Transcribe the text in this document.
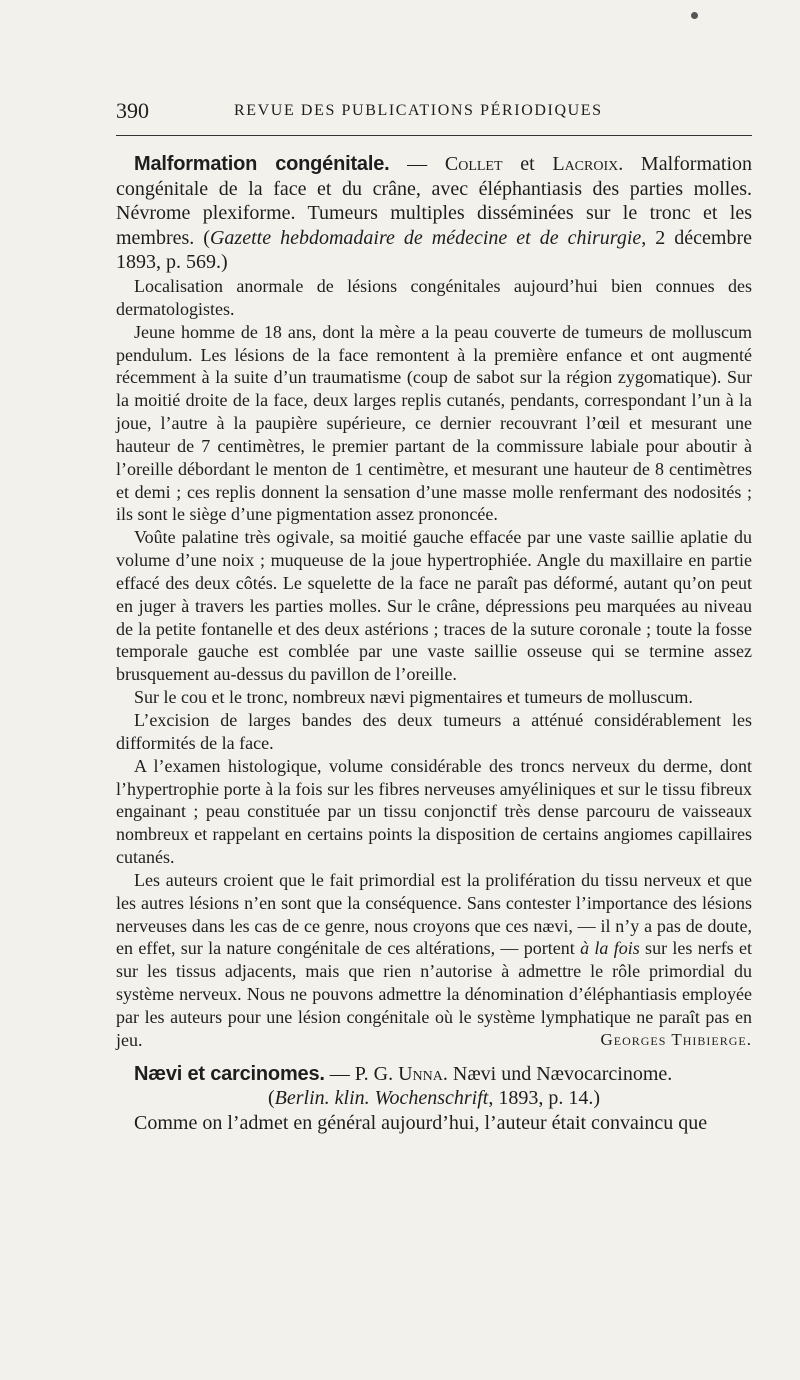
390	REVUE DES PUBLICATIONS PÉRIODIQUES

Malformation congénitale. — Collet et Lacroix. Malformation congénitale de la face et du crâne, avec éléphantiasis des parties molles. Névrome plexiforme. Tumeurs multiples disséminées sur le tronc et les membres. (Gazette hebdomadaire de médecine et de chirurgie, 2 décembre 1893, p. 569.)

Localisation anormale de lésions congénitales aujourd’hui bien connues des dermatologistes.

Jeune homme de 18 ans, dont la mère a la peau couverte de tumeurs de molluscum pendulum. Les lésions de la face remontent à la première enfance et ont augmenté récemment à la suite d’un traumatisme (coup de sabot sur la région zygomatique). Sur la moitié droite de la face, deux larges replis cutanés, pendants, correspondant l’un à la joue, l’autre à la paupière supérieure, ce dernier recouvrant l’œil et mesurant une hauteur de 7 centimètres, le premier partant de la commissure labiale pour aboutir à l’oreille débordant le menton de 1 centimètre, et mesurant une hauteur de 8 centimètres et demi ; ces replis donnent la sensation d’une masse molle renfermant des nodosités ; ils sont le siège d’une pigmentation assez prononcée.

Voûte palatine très ogivale, sa moitié gauche effacée par une vaste saillie aplatie du volume d’une noix ; muqueuse de la joue hypertrophiée. Angle du maxillaire en partie effacé des deux côtés. Le squelette de la face ne paraît pas déformé, autant qu’on peut en juger à travers les parties molles. Sur le crâne, dépressions peu marquées au niveau de la petite fontanelle et des deux astérions ; traces de la suture coronale ; toute la fosse temporale gauche est comblée par une vaste saillie osseuse qui se termine assez brusquement au-dessus du pavillon de l’oreille.

Sur le cou et le tronc, nombreux nævi pigmentaires et tumeurs de molluscum.

L’excision de larges bandes des deux tumeurs a atténué considérablement les difformités de la face.

A l’examen histologique, volume considérable des troncs nerveux du derme, dont l’hypertrophie porte à la fois sur les fibres nerveuses amyéliniques et sur le tissu fibreux engainant ; peau constituée par un tissu conjonctif très dense parcouru de vaisseaux nombreux et rappelant en certains points la disposition de certains angiomes capillaires cutanés.

Les auteurs croient que le fait primordial est la prolifération du tissu nerveux et que les autres lésions n’en sont que la conséquence. Sans contester l’importance des lésions nerveuses dans les cas de ce genre, nous croyons que ces nævi, — il n’y a pas de doute, en effet, sur la nature congénitale de ces altérations, — portent à la fois sur les nerfs et sur les tissus adjacents, mais que rien n’autorise à admettre le rôle primordial du système nerveux. Nous ne pouvons admettre la dénomination d’éléphantiasis employée par les auteurs pour une lésion congénitale où le système lymphatique ne paraît pas en jeu.	Georges Thibierge.

Nævi et carcinomes. — P. G. Unna. Nævi und Nævocarcinome.

(Berlin. klin. Wochenschrift, 1893, p. 14.)

Comme on l’admet en général aujourd’hui, l’auteur était convaincu que
